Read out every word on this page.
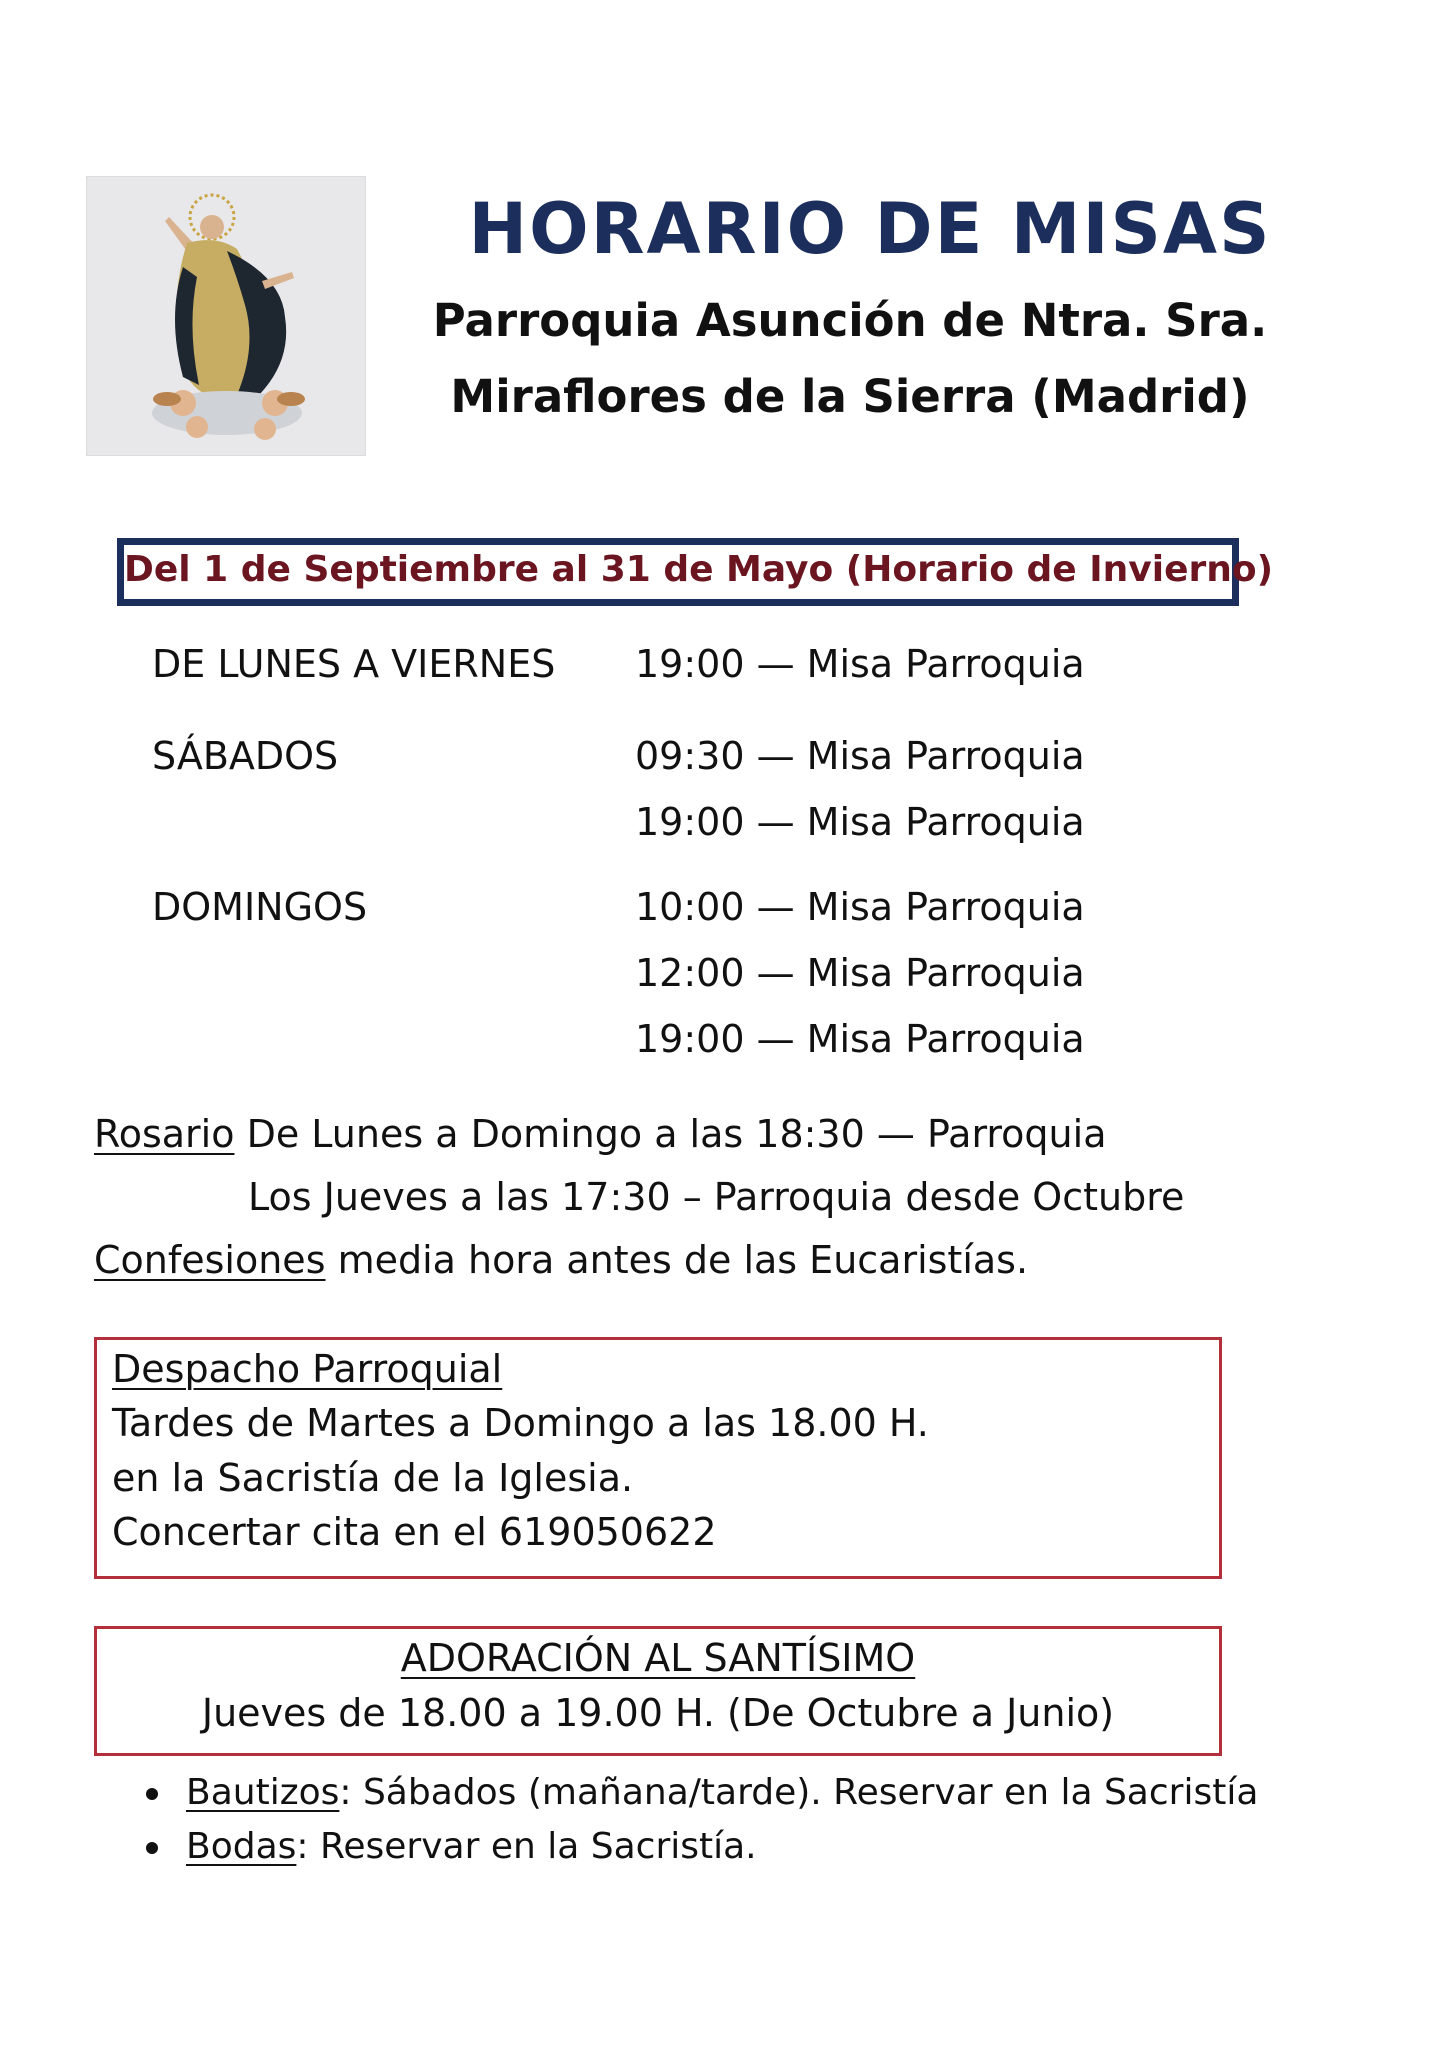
HORARIO DE MISAS
Parroquia Asunción de Ntra. Sra.
Miraflores de la Sierra (Madrid)
Del 1 de Septiembre al 31 de Mayo (Horario de Invierno)
DE LUNES A VIERNES 19:00 — Misa Parroquia
SÁBADOS	09:30 — Misa Parroquia
19:00 — Misa Parroquia
DOMINGOS	10:00 — Misa Parroquia
12:00 — Misa Parroquia
19:00 — Misa Parroquia
Rosario De Lunes a Domingo a las 18:30 — Parroquia
Los Jueves a las 17:30 – Parroquia desde Octubre
Confesiones media hora antes de las Eucaristías.
Despacho Parroquial
Tardes de Martes a Domingo a las 18.00 H.
en la Sacristía de la Iglesia.
Concertar cita en el 619050622
ADORACIÓN AL SANTÍSIMO
Jueves de 18.00 a 19.00 H. (De Octubre a Junio)
Bautizos: Sábados (mañana/tarde). Reservar en la Sacristía
Bodas: Reservar en la Sacristía.
